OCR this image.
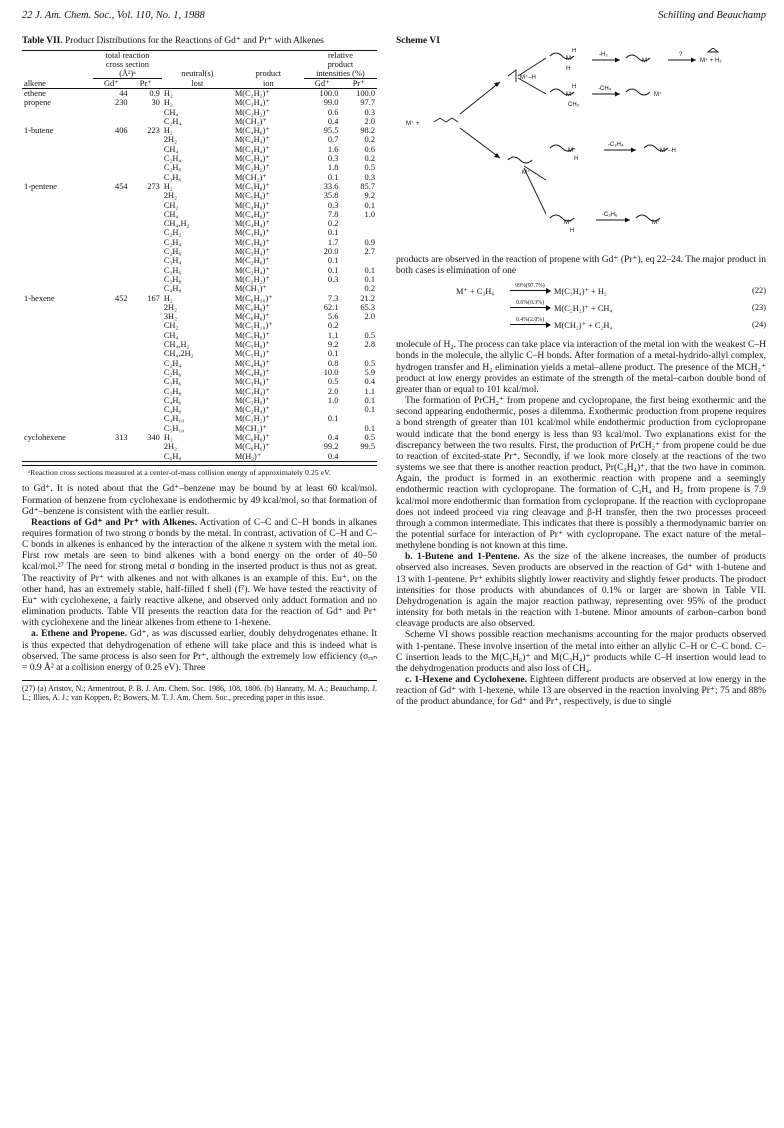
22 J. Am. Chem. Soc., Vol. 110, No. 1, 1988	Schilling and Beauchamp
Table VII. Product Distributions for the Reactions of Gd⁺ and Pr⁺ with Alkenes
	total reaction				relative	
	cross section				product	
	(Å²)ᵃ		neutral(s)	product	intensities (%)	
alkene	Gd⁺	Pr⁺	lost	ion	Gd⁺	Pr⁺
ethene	44	0.9	H₂	M(C₂H₂)⁺	100.0	100.0
propene	230	30	H₂	M(C₃H₄)⁺	99.0	97.7
			CH₄	M(C₂H₂)⁺	0.6	0.3
			C₂H₄	M(CH₂)⁺	0.4	2.0
1-butene	406	223	H₂	M(C₄H₆)⁺	95.5	98.2
			2H₂	M(C₄H₄)⁺	0.7	0.2
			CH₄	M(C₃H₄)⁺	1.6	0.6
			C₂H₄	M(C₂H₄)⁺	0.3	0.2
			C₂H₆	M(C₂H₂)⁺	1.8	0.5
			C₃H₆	M(CH₂)⁺	0.1	0.3
1-pentene	454	273	H₂	M(C₅H₈)⁺	33.6	85.7
			2H₂	M(C₅H₆)⁺	35.8	9.2
			CH₂	M(C₄H₈)⁺	0.3	0.1
			CH₄	M(C₄H₆)⁺	7.8	1.0
			CH₄,H₂	M(C₄H₄)⁺	0.2	
			C₂H₂	M(C₃H₈)⁺	0.1	
			C₂H₄	M(C₃H₆)⁺	1.7	0.9
			C₂H₆	M(C₃H₄)⁺	20.0	2.7
			C₃H₄	M(C₂H₆)⁺	0.1	
			C₃H₆	M(C₂H₄)⁺	0.1	0.1
			C₃H₈	M(C₂H₂)⁺	0.3	0.1
			C₄H₈	M(CH₂)⁺		0.2
1-hexene	452	167	H₂	M(C₆H₁₀)⁺	7.3	21.2
			2H₂	M(C₆H₈)⁺	62.1	65.3
			3H₂	M(C₆H₆)⁺	5.6	2.0
			CH₂	M(C₅H₁₀)⁺	0.2	
			CH₄	M(C₅H₈)⁺	1.1	0.5
			CH₄,H₂	M(C₅H₆)⁺	9.2	2.8
			CH₄,2H₂	M(C₅H₄)⁺	0.1	
			C₂H₄	M(C₄H₈)⁺	0.8	0.5
			C₂H₆	M(C₄H₆)⁺	10.0	5.9
			C₃H₆	M(C₃H₆)⁺	0.5	0.4
			C₃H₈	M(C₃H₄)⁺	2.0	1.1
			C₄H₆	M(C₂H₆)⁺	1.0	0.1
			C₄H₈	M(C₂H₄)⁺		0.1
			C₄H₁₀	M(C₂H₂)⁺	0.1	
			C₅H₁₀	M(CH₂)⁺		0.1
cyclohexene	313	340	H₂	M(C₆H₈)⁺	0.4	0.5
			2H₂	M(C₆H₆)⁺	99.2	99.5
			C₆H₈	M(H₂)⁺	0.4	
ᵃReaction cross sections measured at a center-of-mass collision energy of approximately 0.25 eV.

to Gd⁺. It is noted about that the Gd⁺–benzene may be bound by at least 60 kcal/mol. Formation of benzene from cyclohexane is endothermic by 49 kcal/mol, so that formation of Gd⁺–benzene is consistent with the earlier result.

Reactions of Gd⁺ and Pr⁺ with Alkenes. Activation of C–C and C–H bonds in alkanes requires formation of two strong σ bonds by the metal. In contrast, activation of C–H and C–C bonds in alkenes is enhanced by the interaction of the alkene π system with the metal ion. First row metals are seen to bind alkenes with a bond energy on the order of 40–50 kcal/mol.²⁷ The need for strong metal σ bonding in the inserted product is thus not as great. The reactivity of Pr⁺ with alkenes and not with alkanes is an example of this. Eu⁺, on the other hand, has an extremely stable, half-filled f shell (f⁷). We have tested the reactivity of Eu⁺ with cyclohexene, a fairly reactive alkene, and observed only adduct formation and no elimination products. Table VII presents the reaction data for the reaction of Gd⁺ and Pr⁺ with cyclohexene and the linear alkenes from ethene to 1-hexene.

a. Ethene and Propene. Gd⁺, as was discussed earlier, doubly dehydrogenates ethane. It is thus expected that dehydrogenation of ethene will take place and this is indeed what is observed. The same process is also seen for Pr⁺, although the extremely low efficiency (σᵣₓₙ = 0.9 Å² at a collision energy of 0.25 eV). Three

(27) (a) Aristov, N.; Armentrout, P. B. J. Am. Chem. Soc. 1986, 108, 1806. (b) Hanratty, M. A.; Beauchamp, J. L.; Illies, A. J.; van Koppen, P.; Bowers, M. T. J. Am. Chem. Soc., preceding paper in this issue.
Scheme VI
M⁺ +
M⁺–H
M⁺
H
H
-H₂
M⁺
?
M⁺ + H₂
M⁺
H
CH₃
-CH₄
M⁺
M⁺
H
-C₂H₄
M⁺–H
M⁺
M⁺
H
-C₂H₆
M⁺

products are observed in the reaction of propene with Gd⁺ (Pr⁺), eq 22–24. The major product in both cases is elimination of one

M⁺ + C₃H₆
99%(97.7%)
M(C₃H₄)⁺ + H₂	(22)
0.6%(0.3%)
M(C₂H₂)⁺ + CH₄	(23)
0.4%(2.0%)
M(CH₂)⁺ + C₂H₄	(24)

molecule of H₂. The process can take place via interaction of the metal ion with the weakest C–H bonds in the molecule, the allylic C–H bonds. After formation of a metal-hydrido-allyl complex, hydrogen transfer and H₂ elimination yields a metal–allene product. The presence of the MCH₂⁺ product at low energy provides an estimate of the strength of the metal–carbon double bond of greater than or equal to 101 kcal/mol.

The formation of PrCH₂⁺ from propene and cyclopropane, the first being exothermic and the second appearing endothermic, poses a dilemma. Exothermic production from propene requires a bond strength of greater than 101 kcal/mol while endothermic production from cyclopropane would indicate that the bond energy is less than 93 kcal/mol. Two explanations exist for the discrepancy between the two results. First, the production of PrCH₂⁺ from propene could be due to reaction of excited-state Pr⁺. Secondly, if we look more closely at the reactions of the two systems we see that there is another reaction product, Pr(C₃H₄)⁺, that the two have in common. Again, the product is formed in an exothermic reaction with propene and a seemingly endothermic reaction with cyclopropane. The formation of C₃H₄ and H₂ from propene is 7.9 kcal/mol more endothermic than formation from cyclopropane. If the reaction with cyclopropane does not indeed proceed via ring cleavage and β-H transfer, then the two processes proceed through a common intermediate. This indicates that there is possibly a thermodynamic barrier on the potential surface for interaction of Pr⁺ with cyclopropane. The exact nature of the metal–methylene bonding is not known at this time.

b. 1-Butene and 1-Pentene. As the size of the alkene increases, the number of products observed also increases. Seven products are observed in the reaction of Gd⁺ with 1-butene and 13 with 1-pentene. Pr⁺ exhibits slightly lower reactivity and slightly fewer products. The product intensities for those products with abundances of 0.1% or larger are shown in Table VII. Dehydrogenation is again the major reaction pathway, representing over 95% of the product intensity for both metals in the reaction with 1-butene. Minor amounts of carbon–carbon bond cleavage products are also observed.

Scheme VI shows possible reaction mechanisms accounting for the major products observed with 1-pentane. These involve insertion of the metal into either an allylic C–H or C–C bond. C–C insertion leads to the M(C₃H₆)⁺ and M(C₃H₄)⁺ products while C–H insertion would lead to the dehydrogenation products and also loss of CH₄.

c. 1-Hexene and Cyclohexene. Eighteen different products are observed at low energy in the reaction of Gd⁺ with 1-hexene, while 13 are observed in the reaction involving Pr⁺; 75 and 88% of the product abundance, for Gd⁺ and Pr⁺, respectively, is due to single
